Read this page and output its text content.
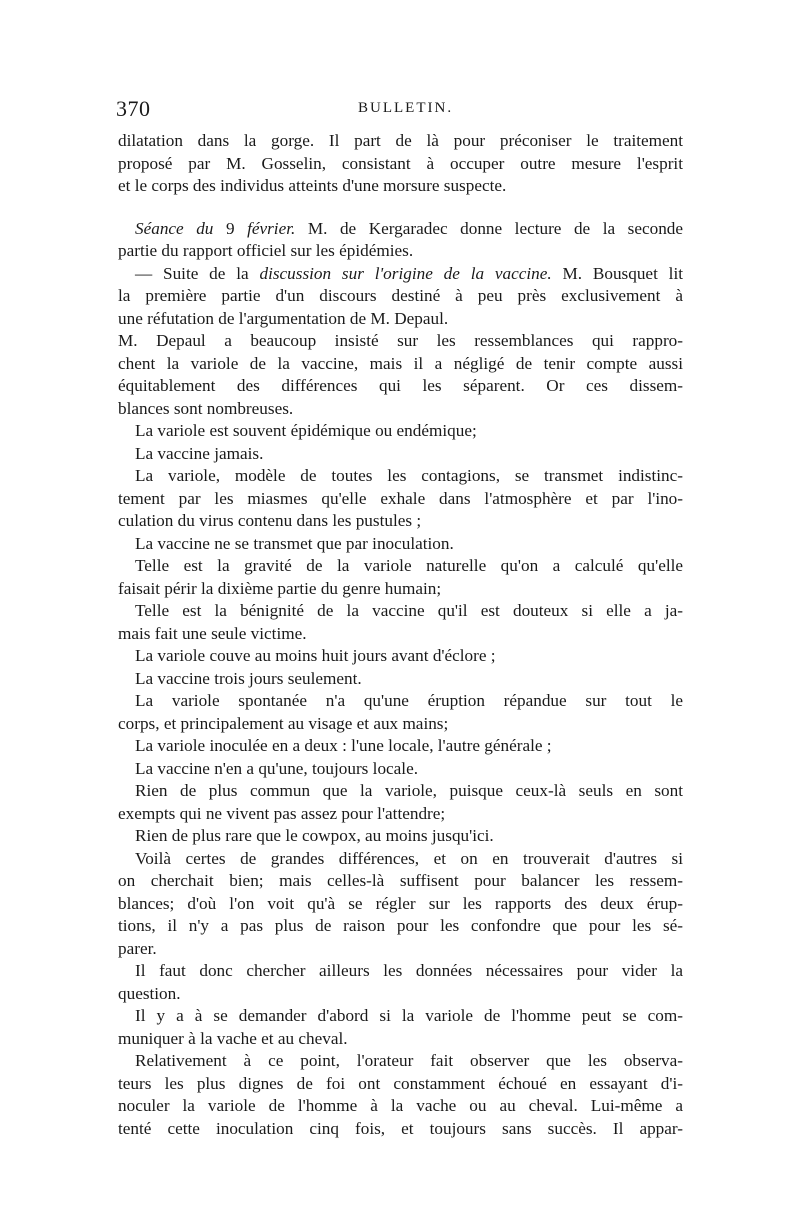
370	BULLETIN.
dilatation dans la gorge. Il part de là pour préconiser le traitement
proposé par M. Gosselin, consistant à occuper outre mesure l'esprit
et le corps des individus atteints d'une morsure suspecte.
Séance du 9 février. M. de Kergaradec donne lecture de la seconde
partie du rapport officiel sur les épidémies.
— Suite de la discussion sur l'origine de la vaccine. M. Bousquet lit
la première partie d'un discours destiné à peu près exclusivement à
une réfutation de l'argumentation de M. Depaul.
M. Depaul a beaucoup insisté sur les ressemblances qui rappro-
chent la variole de la vaccine, mais il a négligé de tenir compte aussi
équitablement des différences qui les séparent. Or ces dissem-
blances sont nombreuses.
La variole est souvent épidémique ou endémique;
La vaccine jamais.
La variole, modèle de toutes les contagions, se transmet indistinc-
tement par les miasmes qu'elle exhale dans l'atmosphère et par l'ino-
culation du virus contenu dans les pustules ;
La vaccine ne se transmet que par inoculation.
Telle est la gravité de la variole naturelle qu'on a calculé qu'elle
faisait périr la dixième partie du genre humain;
Telle est la bénignité de la vaccine qu'il est douteux si elle a ja-
mais fait une seule victime.
La variole couve au moins huit jours avant d'éclore ;
La vaccine trois jours seulement.
La variole spontanée n'a qu'une éruption répandue sur tout le
corps, et principalement au visage et aux mains;
La variole inoculée en a deux : l'une locale, l'autre générale ;
La vaccine n'en a qu'une, toujours locale.
Rien de plus commun que la variole, puisque ceux-là seuls en sont
exempts qui ne vivent pas assez pour l'attendre;
Rien de plus rare que le cowpox, au moins jusqu'ici.
Voilà certes de grandes différences, et on en trouverait d'autres si
on cherchait bien; mais celles-là suffisent pour balancer les ressem-
blances; d'où l'on voit qu'à se régler sur les rapports des deux érup-
tions, il n'y a pas plus de raison pour les confondre que pour les sé-
parer.
Il faut donc chercher ailleurs les données nécessaires pour vider la
question.
Il y a à se demander d'abord si la variole de l'homme peut se com-
muniquer à la vache et au cheval.
Relativement à ce point, l'orateur fait observer que les observa-
teurs les plus dignes de foi ont constamment échoué en essayant d'i-
noculer la variole de l'homme à la vache ou au cheval. Lui-même a
tenté cette inoculation cinq fois, et toujours sans succès. Il appar-
